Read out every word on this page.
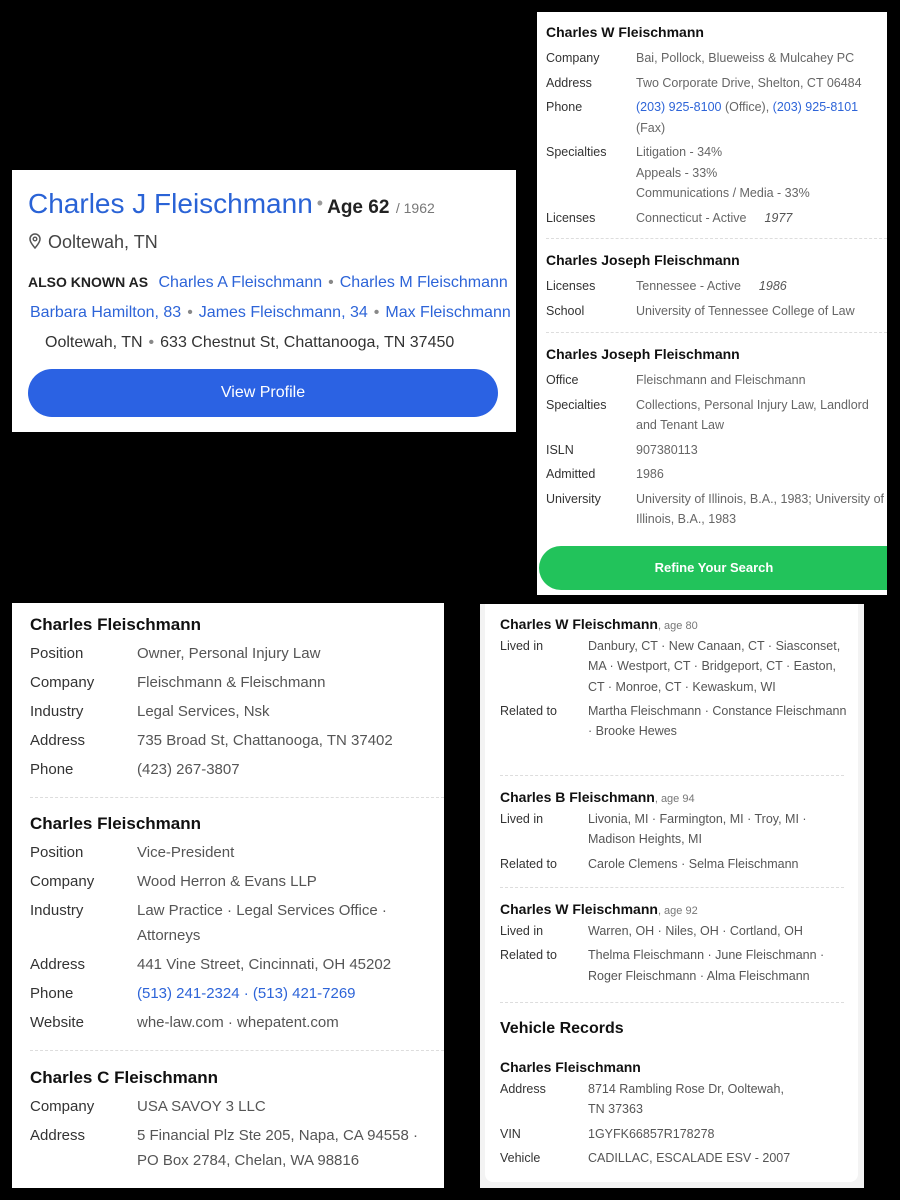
Charles J Fleischmann • Age 62 / 1962
Ooltewah, TN
ALSO KNOWN AS Charles A Fleischmann • Charles M Fleischmann
Barbara Hamilton, 83 • James Fleischmann, 34 • Max Fleischmann
Ooltewah, TN • 633 Chestnut St, Chattanooga, TN 37450
View Profile
Charles W Fleischmann
Company	Bai, Pollock, Blueweiss & Mulcahey PC
Address	Two Corporate Drive, Shelton, CT 06484
Phone	(203) 925-8100 (Office), (203) 925-8101 (Fax)
Specialties	Litigation - 34%
Appeals - 33%
Communications / Media - 33%
Licenses	Connecticut - Active 1977
Charles Joseph Fleischmann
Licenses	Tennessee - Active 1986
School	University of Tennessee College of Law
Charles Joseph Fleischmann
Office	Fleischmann and Fleischmann
Specialties	Collections, Personal Injury Law, Landlord and Tenant Law
ISLN	907380113
Admitted	1986
University	University of Illinois, B.A., 1983; University of Illinois, B.A., 1983
Refine Your Search
Charles Fleischmann
Position	Owner, Personal Injury Law
Company	Fleischmann & Fleischmann
Industry	Legal Services, Nsk
Address	735 Broad St, Chattanooga, TN 37402
Phone	(423) 267-3807
Charles Fleischmann
Position	Vice-President
Company	Wood Herron & Evans LLP
Industry	Law Practice · Legal Services Office · Attorneys
Address	441 Vine Street, Cincinnati, OH 45202
Phone	(513) 241-2324 · (513) 421-7269
Website	whe-law.com · whepatent.com
Charles C Fleischmann
Company	USA SAVOY 3 LLC
Address	5 Financial Plz Ste 205, Napa, CA 94558 · PO Box 2784, Chelan, WA 98816
Charles W Fleischmann, age 80
Lived in	Danbury, CT · New Canaan, CT · Siasconset, MA · Westport, CT · Bridgeport, CT · Easton, CT · Monroe, CT · Kewaskum, WI
Related to	Martha Fleischmann · Constance Fleischmann · Brooke Hewes
Charles B Fleischmann, age 94
Lived in	Livonia, MI · Farmington, MI · Troy, MI · Madison Heights, MI
Related to	Carole Clemens · Selma Fleischmann
Charles W Fleischmann, age 92
Lived in	Warren, OH · Niles, OH · Cortland, OH
Related to	Thelma Fleischmann · June Fleischmann · Roger Fleischmann · Alma Fleischmann
Vehicle Records
Charles Fleischmann
Address	8714 Rambling Rose Dr, Ooltewah, TN 37363
VIN	1GYFK66857R178278
Vehicle	CADILLAC, ESCALADE ESV - 2007
